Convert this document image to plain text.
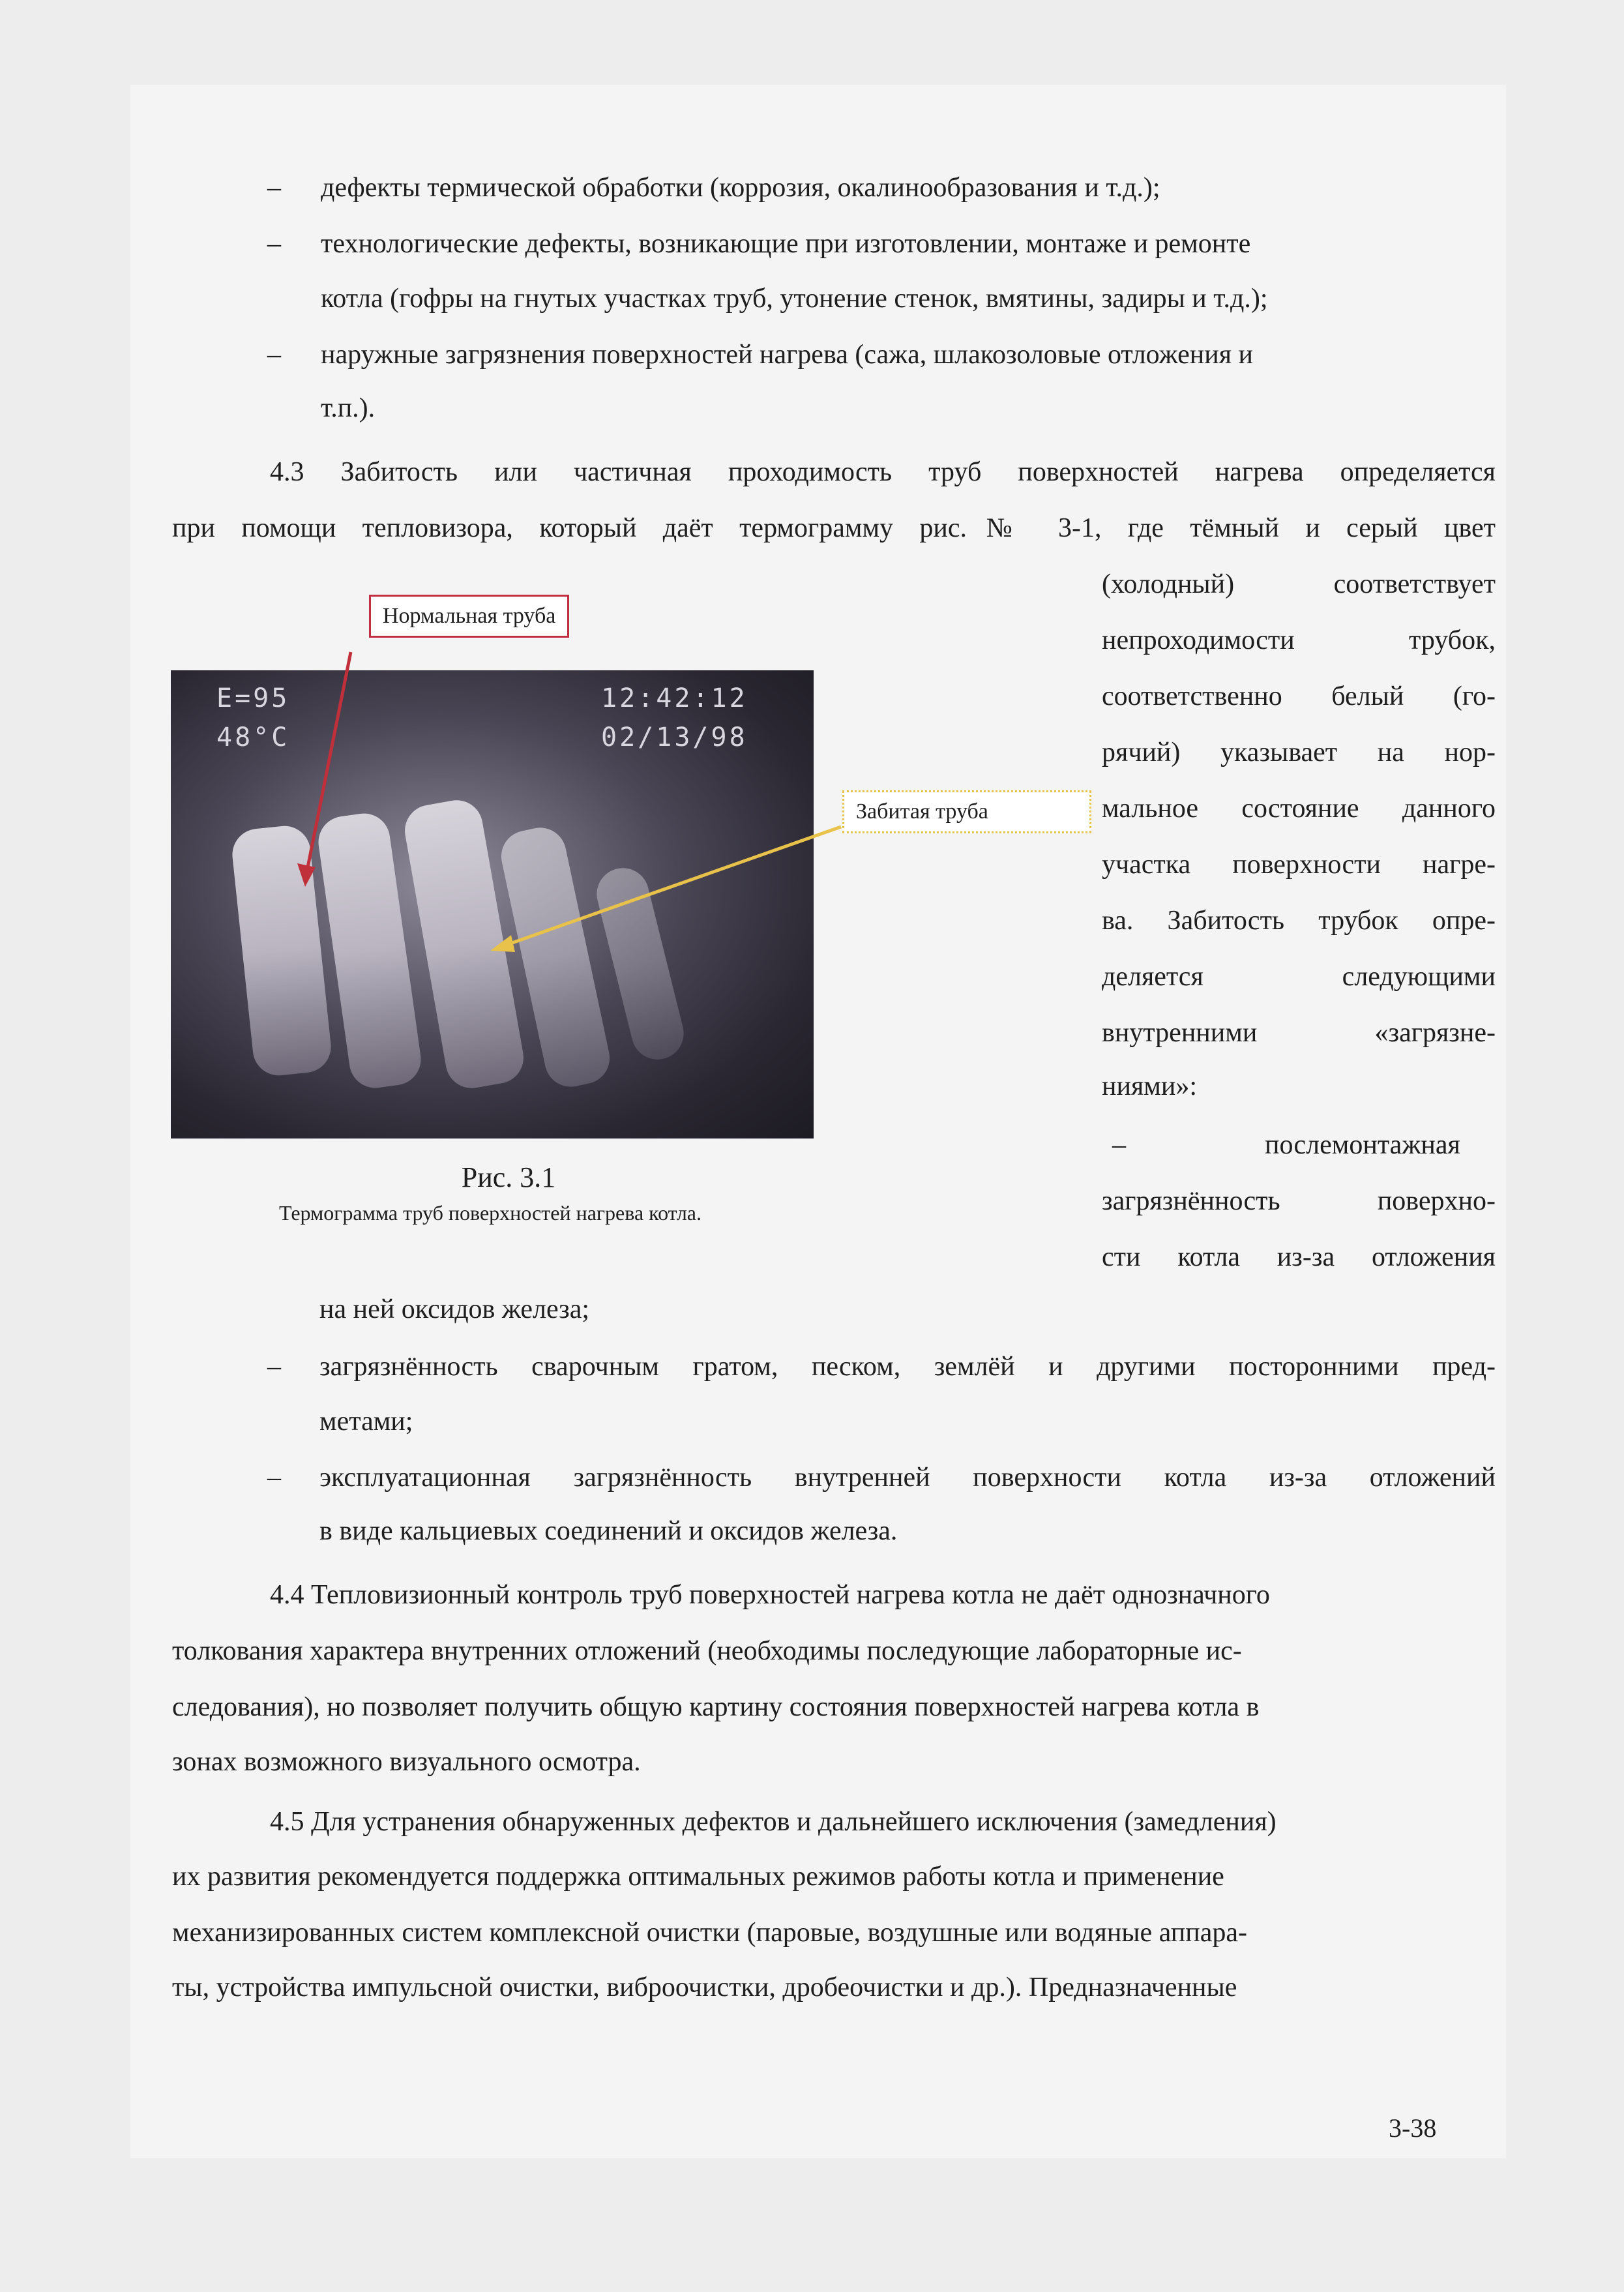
– дефекты термической обработки (коррозия, окалинообразования и т.д.);
– технологические дефекты, возникающие при изготовлении, монтаже и ремонте
котла (гофры на гнутых участках труб, утонение стенок, вмятины, задиры и т.д.);
– наружные загрязнения поверхностей нагрева (сажа, шлакозоловые отложения и
т.п.).
4.3 Забитость или частичная проходимость труб поверхностей нагрева определяется
при помощи тепловизора, который даёт термограмму рис.№ 3-1, где тёмный и серый цвет
(холодный) соответствует
непроходимости трубок,
соответственно белый (го-
рячий) указывает на нор-
мальное состояние данного
участка поверхности нагре-
ва. Забитость трубок опре-
деляется следующими
внутренними «загрязне-
ниями»:
–	послемонтажная
загрязнённость поверхно-
сти котла из-за отложения
E=95	12:42:12
48°C	02/13/98
Нормальная труба
Забитая труба
Рис. 3.1
Термограмма труб поверхностей нагрева котла.
на ней оксидов железа;
– загрязнённость сварочным гратом, песком, землёй и другими посторонними пред-
метами;
– эксплуатационная загрязнённость внутренней поверхности котла из-за отложений
в виде кальциевых соединений и оксидов железа.
4.4 Тепловизионный контроль труб поверхностей нагрева котла не даёт однозначного
толкования характера внутренних отложений (необходимы последующие лабораторные ис-
следования), но позволяет получить общую картину состояния поверхностей нагрева котла в
зонах возможного визуального осмотра.
4.5 Для устранения обнаруженных дефектов и дальнейшего исключения (замедления)
их развития рекомендуется поддержка оптимальных режимов работы котла и применение
механизированных систем комплексной очистки (паровые, воздушные или водяные аппара-
ты, устройства импульсной очистки, виброочистки, дробеочистки и др.). Предназначенные
3-38
